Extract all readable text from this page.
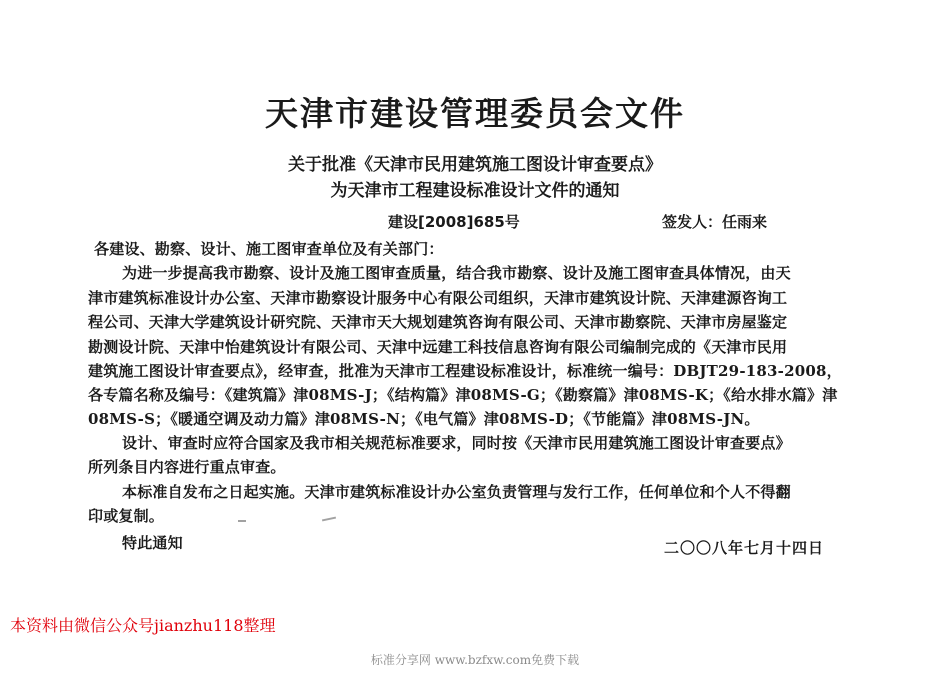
天津市建设管理委员会文件
关于批准《天津市民用建筑施工图设计审查要点》
为天津市工程建设标准设计文件的通知
建设[2008]685号	签发人：任雨来
各建设、勘察、设计、施工图审查单位及有关部门：
为进一步提高我市勘察、设计及施工图审查质量，结合我市勘察、设计及施工图审查具体情况，由天
津市建筑标准设计办公室、天津市勘察设计服务中心有限公司组织，天津市建筑设计院、天津建源咨询工
程公司、天津大学建筑设计研究院、天津市天大规划建筑咨询有限公司、天津市勘察院、天津市房屋鉴定
勘测设计院、天津中怡建筑设计有限公司、天津中远建工科技信息咨询有限公司编制完成的《天津市民用
建筑施工图设计审查要点》，经审查，批准为天津市工程建设标准设计，标准统一编号：DBJT29-183-2008，
各专篇名称及编号：《建筑篇》津08MS-J；《结构篇》津08MS-G；《勘察篇》津08MS-K；《给水排水篇》津
08MS-S；《暖通空调及动力篇》津08MS-N；《电气篇》津08MS-D；《节能篇》津08MS-JN。
设计、审查时应符合国家及我市相关规范标准要求，同时按《天津市民用建筑施工图设计审查要点》
所列条目内容进行重点审查。
本标准自发布之日起实施。天津市建筑标准设计办公室负责管理与发行工作，任何单位和个人不得翻
印或复制。
特此通知	二〇〇八年七月十四日
本资料由微信公众号jianzhu118整理
标准分享网 www.bzfxw.com免费下载
